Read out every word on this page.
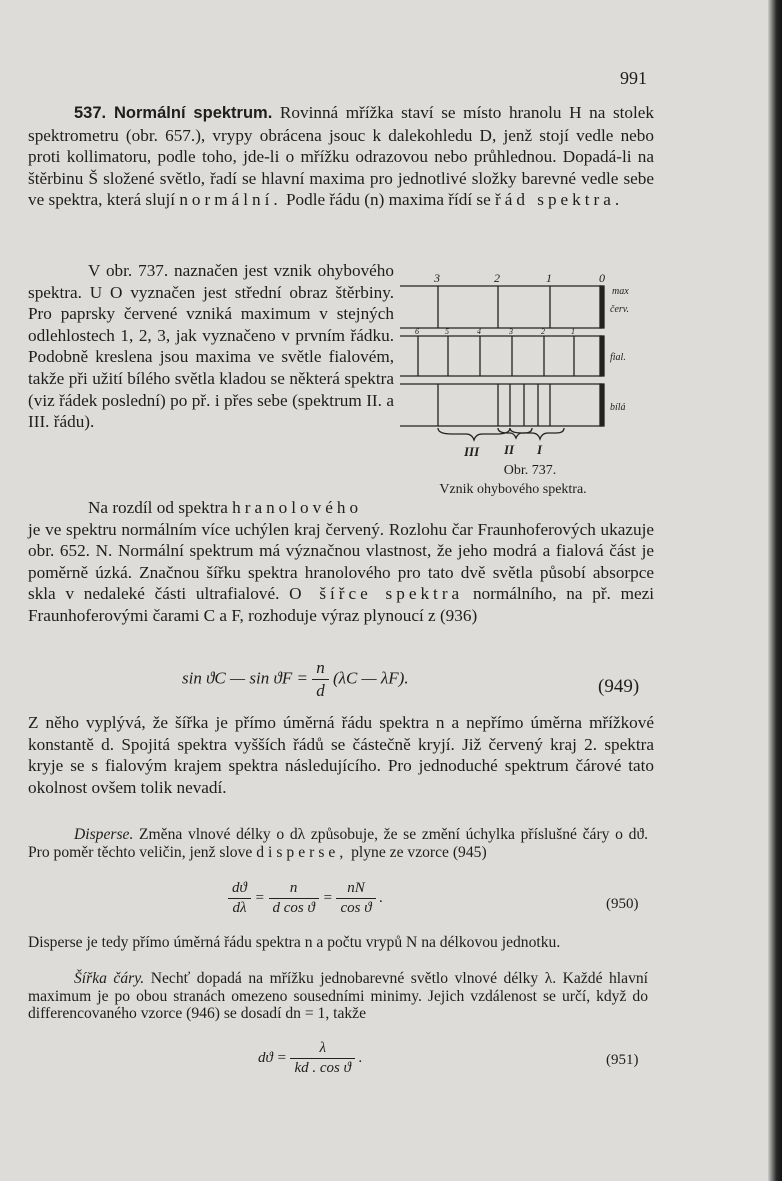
991

537. Normální spektrum. Rovinná mřížka staví se místo hranolu H na stolek spektrometru (obr. 657.), vrypy obrácena jsouc k dalekohledu D, jenž stojí vedle nebo proti kollimatoru, podle toho, jde-li o mřížku odrazovou nebo průhlednou. Dopadá-li na štěrbinu Š složené světlo, řadí se hlavní maxima pro jednotlivé složky barevné vedle sebe ve spektra, která slují normální. Podle řádu (n) maxima řídí se řád spektra.

V obr. 737. naznačen jest vznik ohybového spektra. U O vyznačen jest střední obraz štěrbiny. Pro paprsky červené vzniká maximum v stejných odlehlostech 1, 2, 3, jak vyznačeno v prvním řádku. Podobně kreslena jsou maxima ve světle fialovém, takže při užití bílého světla kladou se některá spektra (viz řádek poslední) po př. i přes sebe (spektrum II. a III. řádu).

3	2	1	0
max
červ.
6	5	4	3	2	1
0
fial.
bílá
III II I
Obr. 737.
Vznik ohybového spektra.

Na rozdíl od spektra hranolového

je ve spektru normálním více uchýlen kraj červený. Rozlohu čar Fraunhoferových ukazuje obr. 652. N. Normální spektrum má význačnou vlastnost, že jeho modrá a fialová část je poměrně úzká. Značnou šířku spektra hranolového pro tato dvě světla působí absorpce skla v nedaleké části ultrafialové. O šířce spektra normálního, na př. mezi Fraunhoferovými čarami C a F, rozhoduje výraz plynoucí z (936)

sin ϑC — $\sin ϑF = \frac{n}{d} (\lambda C$ — λF).	(949)

Z něho vyplývá, že šířka je přímo úměrná řádu spektra n a nepřímo úměrna mřížkové konstantě d. Spojitá spektra vyšších řádů se částečně kryjí. Již červený kraj 2. spektra kryje se s fialovým krajem spektra následujícího. Pro jednoduché spektrum čárové tato okolnost ovšem tolik nevadí.

Disperse. Změna vlnové délky o dλ způsobuje, že se změní úchylka příslušné čáry o dϑ. Pro poměr těchto veličin, jenž slove disperse, plyne ze vzorce (945)

$\frac{dϑ}{d\lambda} = \frac{n}{\text{d cos ϑ}} = \frac{nN}{\text{cos ϑ}}$ .	(950)

Disperse je tedy přímo úměrná řádu spektra n a počtu vrypů N na délkovou jednotku.

Šířka čáry. Nechť dopadá na mřížku jednobarevné světlo vlnové délky λ. Každé hlavní maximum je po obou stranách omezeno sousedními minimy. Jejich vzdálenost se určí, když do differencovaného vzorce (946) se dosadí dn = 1, takže

$dϑ = \frac{\lambda}{\text{kd . cos ϑ}}$ .	(951)
